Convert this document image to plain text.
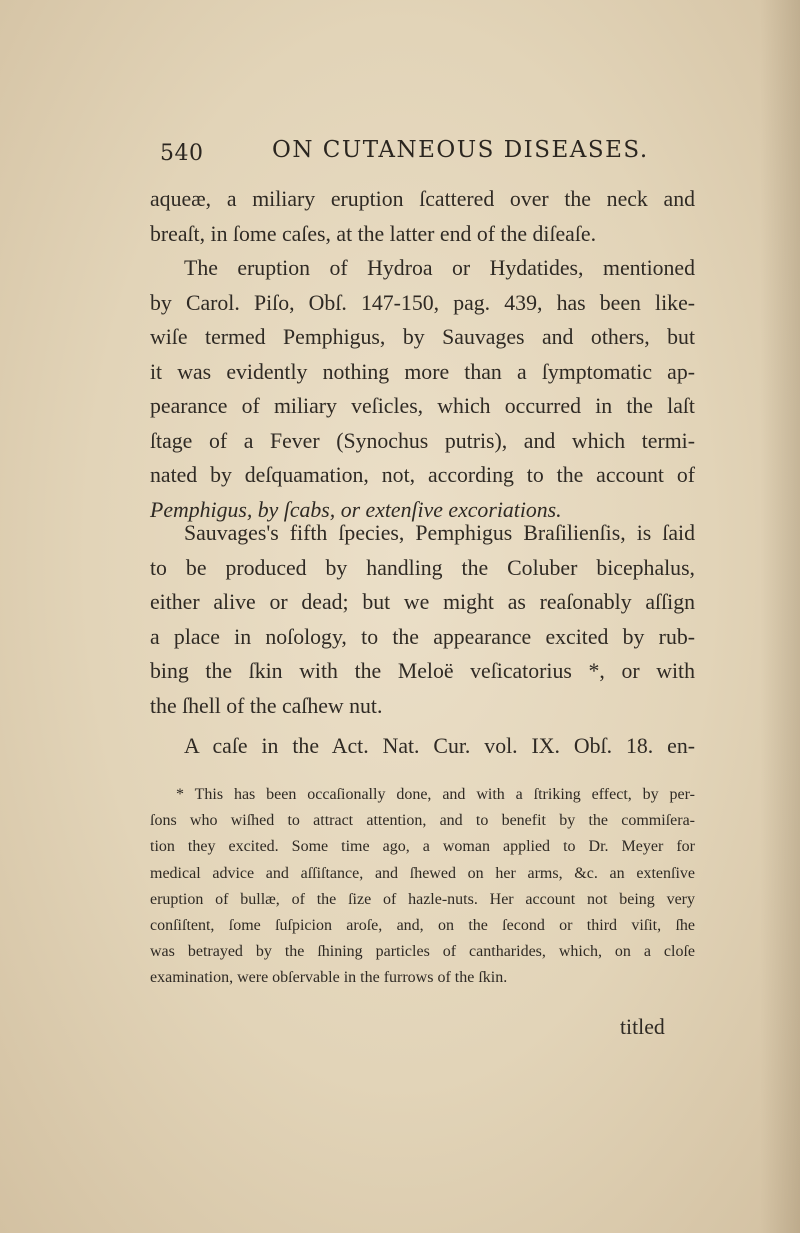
540	ON CUTANEOUS DISEASES.
aqueæ, a miliary eruption ſcattered over the neck and
breaſt, in ſome caſes, at the latter end of the diſeaſe.
The eruption of Hydroa or Hydatides, mentioned
by Carol. Piſo, Obſ. 147-150, pag. 439, has been like-
wiſe termed Pemphigus, by Sauvages and others, but
it was evidently nothing more than a ſymptomatic ap-
pearance of miliary veſicles, which occurred in the laſt
ſtage of a Fever (Synochus putris), and which termi-
nated by deſquamation, not, according to the account of
Pemphigus, by ſcabs, or extenſive excoriations.
Sauvages's fifth ſpecies, Pemphigus Braſilienſis, is ſaid
to be produced by handling the Coluber bicephalus,
either alive or dead; but we might as reaſonably aſſign
a place in noſology, to the appearance excited by rub-
bing the ſkin with the Meloë veſicatorius *, or with
the ſhell of the caſhew nut.
A caſe in the Act. Nat. Cur. vol. IX. Obſ. 18. en-
* This has been occaſionally done, and with a ſtriking effect, by per-
ſons who wiſhed to attract attention, and to benefit by the commiſera-
tion they excited. Some time ago, a woman applied to Dr. Meyer for
medical advice and aſſiſtance, and ſhewed on her arms, &c. an extenſive
eruption of bullæ, of the ſize of hazle-nuts. Her account not being very
conſiſtent, ſome ſuſpicion aroſe, and, on the ſecond or third viſit, ſhe
was betrayed by the ſhining particles of cantharides, which, on a cloſe
examination, were obſervable in the furrows of the ſkin.
titled
